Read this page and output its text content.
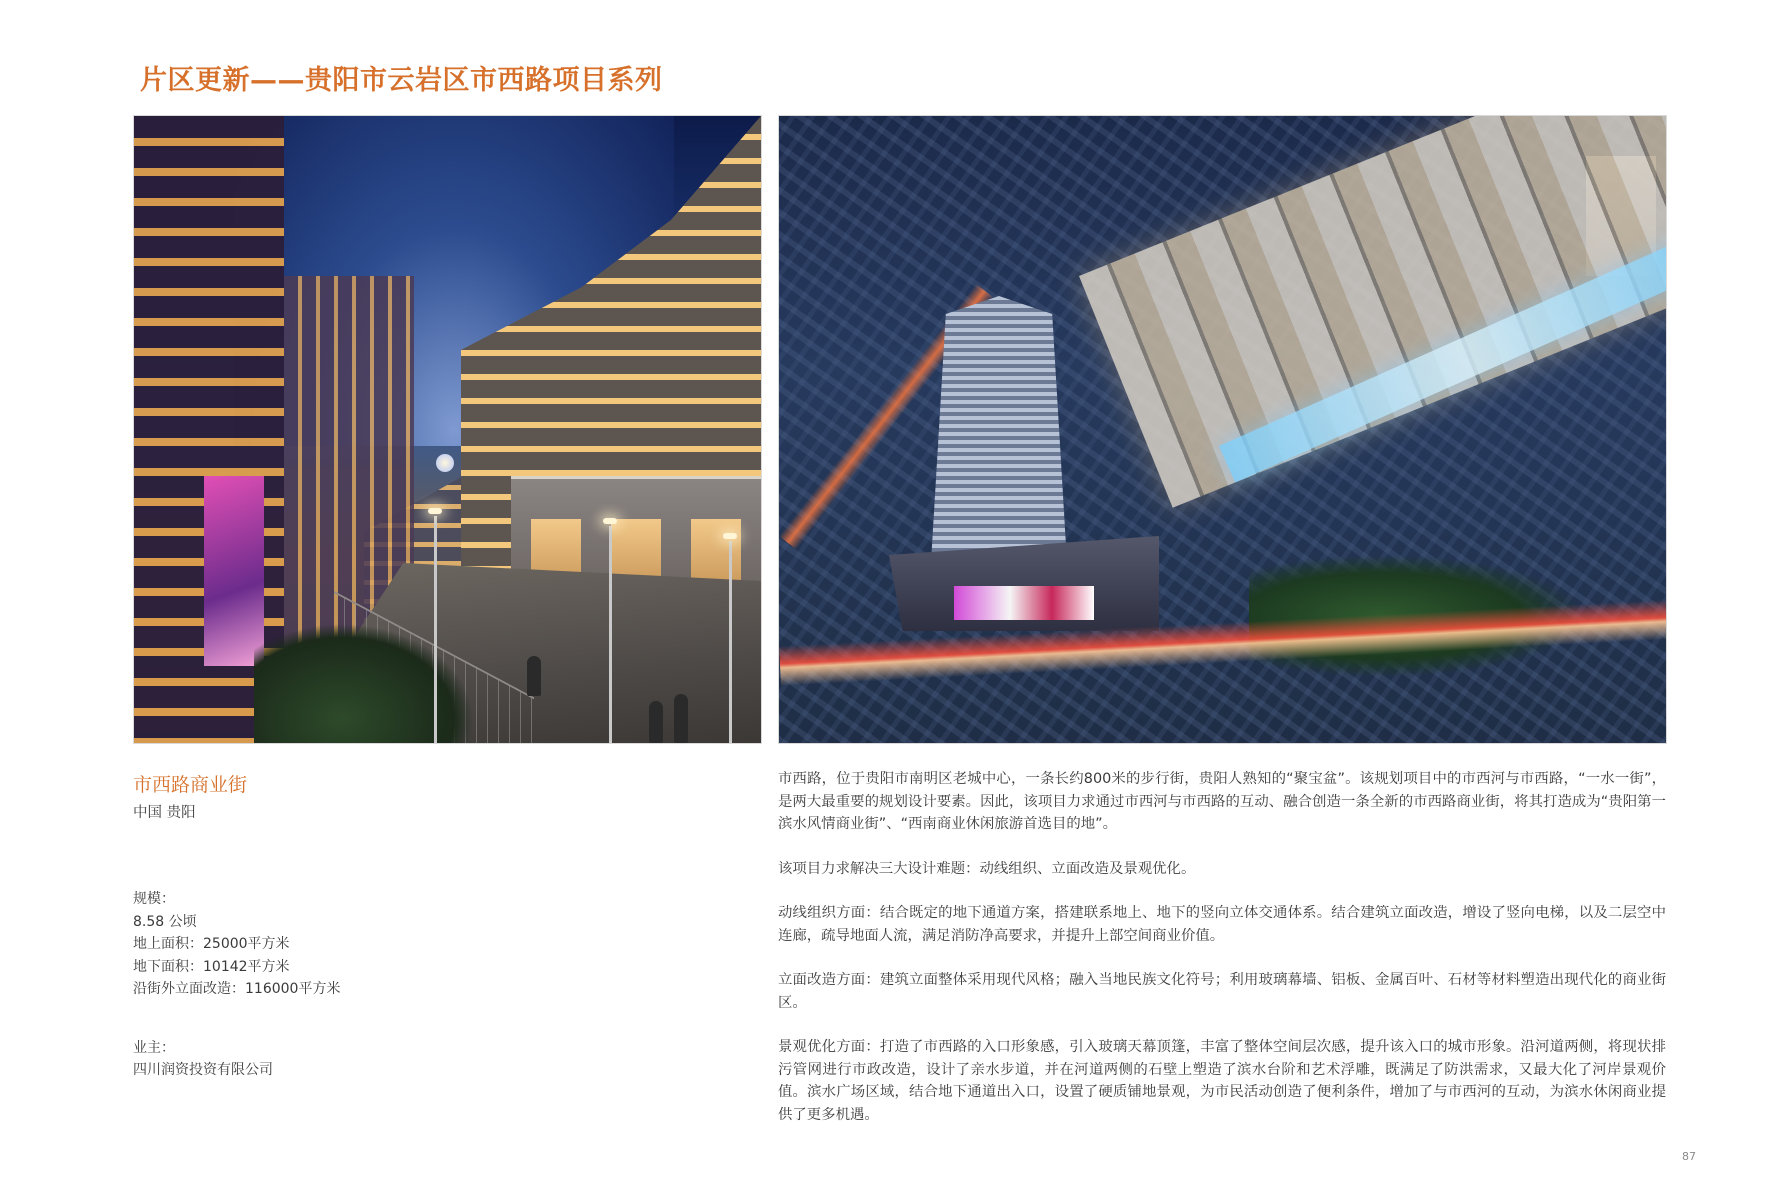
片区更新——贵阳市云岩区市西路项目系列
市西路商业街
中国 贵阳
规模：
8.58 公顷
地上面积：25000平方米
地下面积：10142平方米
沿街外立面改造：116000平方米
业主：
四川润资投资有限公司

市西路，位于贵阳市南明区老城中心，一条长约800米的步行街，贵阳人熟知的“聚宝盆”。该规划项目中的市西河与市西路，“一水一街”，是两大最重要的规划设计要素。因此，该项目力求通过市西河与市西路的互动、融合创造一条全新的市西路商业街，将其打造成为“贵阳第一滨水风情商业街”、“西南商业休闲旅游首选目的地”。

该项目力求解决三大设计难题：动线组织、立面改造及景观优化。

动线组织方面：结合既定的地下通道方案，搭建联系地上、地下的竖向立体交通体系。结合建筑立面改造，增设了竖向电梯，以及二层空中连廊，疏导地面人流，满足消防净高要求，并提升上部空间商业价值。

立面改造方面：建筑立面整体采用现代风格；融入当地民族文化符号；利用玻璃幕墙、铝板、金属百叶、石材等材料塑造出现代化的商业街区。

景观优化方面：打造了市西路的入口形象感，引入玻璃天幕顶篷，丰富了整体空间层次感，提升该入口的城市形象。沿河道两侧，将现状排污管网进行市政改造，设计了亲水步道，并在河道两侧的石壁上塑造了滨水台阶和艺术浮雕，既满足了防洪需求，又最大化了河岸景观价值。滨水广场区域，结合地下通道出入口，设置了硬质铺地景观，为市民活动创造了便利条件，增加了与市西河的互动，为滨水休闲商业提供了更多机遇。

87
